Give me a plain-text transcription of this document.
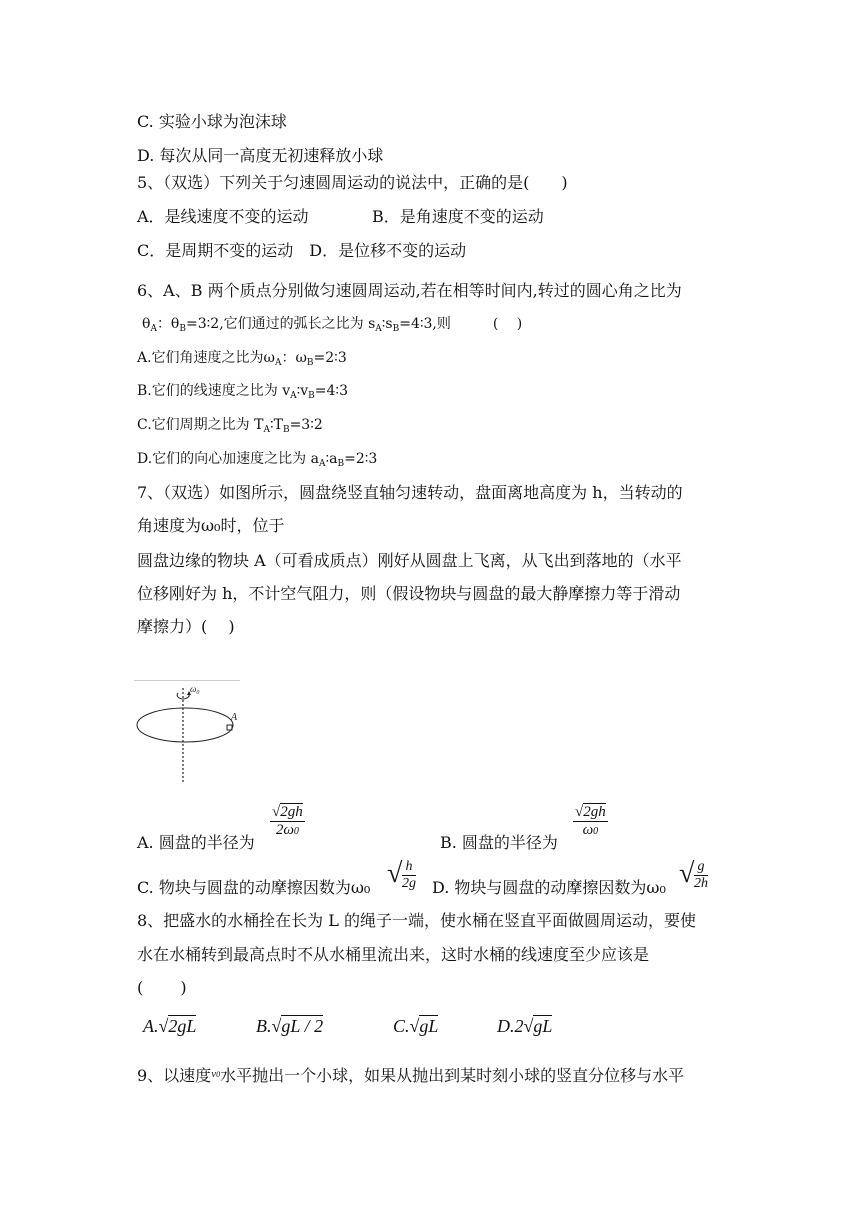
C. 实验小球为泡沫球
D. 每次从同一高度无初速释放小球
5、（双选）下列关于匀速圆周运动的说法中，正确的是(　　)
A．是线速度不变的运动	B．是角速度不变的运动
C．是周期不变的运动　D．是位移不变的运动
6、A、B 两个质点分别做匀速圆周运动,若在相等时间内,转过的圆心角之比为
$\theta_A$：$\theta_B=3∶2$,它们通过的弧长之比为 $s_A∶s_B=4∶3$,则　　　(　 )
A.它们角速度之比为$\omega_A$：$\omega_B=2∶3$
B.它们的线速度之比为 $v_A∶v_B=4∶3$
C.它们周期之比为 $T_A∶T_B=3∶2$
D.它们的向心加速度之比为 $a_A∶a_B=2∶3$
7、（双选）如图所示，圆盘绕竖直轴匀速转动，盘面离地高度为 h，当转动的
角速度为ω₀时，位于
圆盘边缘的物块 A（可看成质点）刚好从圆盘上飞离，从飞出到落地的（水平
位移刚好为 h，不计空气阻力，则（假设物块与圆盘的最大静摩擦力等于滑动
摩擦力）(　 )
$\omega_0$
A
A. 圆盘的半径为
$\frac{√2gh}{2\omega 0}$
B. 圆盘的半径为
$\frac{√2gh}{\omega 0}$
C. 物块与圆盘的动摩擦因数为ω₀ √ $\frac{h}{2g} D$. 物块与圆盘的动摩擦因数为ω₀ √ $\frac{g}{2h}$
8、把盛水的水桶拴在长为 L 的绳子一端，使水桶在竖直平面做圆周运动，要使
水在水桶转到最高点时不从水桶里流出来，这时水桶的线速度至少应该是
(　　 )
A.√2gL	B.√gL / 2	C.√gL	D.2√gL
9、以速度$^{v0}$水平抛出一个小球，如果从抛出到某时刻小球的竖直分位移与水平
